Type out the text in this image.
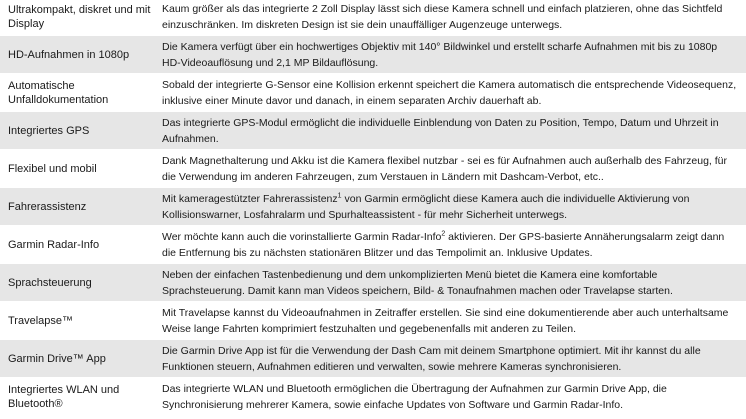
Ultrakompakt, diskret und mit Display
Kaum größer als das integrierte 2 Zoll Display lässt sich diese Kamera schnell und einfach platzieren, ohne das Sichtfeld einzuschränken. Im diskreten Design ist sie dein unauffälliger Augenzeuge unterwegs.
HD-Aufnahmen in 1080p
Die Kamera verfügt über ein hochwertiges Objektiv mit 140° Bildwinkel und erstellt scharfe Aufnahmen mit bis zu 1080p HD-Videoauflösung und 2,1 MP Bildauflösung.
Automatische Unfalldokumentation
Sobald der integrierte G-Sensor eine Kollision erkennt speichert die Kamera automatisch die entsprechende Videosequenz, inklusive einer Minute davor und danach, in einem separaten Archiv dauerhaft ab.
Integriertes GPS
Das integrierte GPS-Modul ermöglicht die individuelle Einblendung von Daten zu Position, Tempo, Datum und Uhrzeit in Aufnahmen.
Flexibel und mobil
Dank Magnethalterung und Akku ist die Kamera flexibel nutzbar - sei es für Aufnahmen auch außerhalb des Fahrzeug, für die Verwendung im anderen Fahrzeugen, zum Verstauen in Ländern mit Dashcam-Verbot, etc..
Fahrerassistenz
Mit kameragestützter Fahrerassistenz$^1$ von Garmin ermöglicht diese Kamera auch die individuelle Aktivierung von Kollisionswarner, Losfahralarm und Spurhalteassistent - für mehr Sicherheit unterwegs.
Garmin Radar-Info
Wer möchte kann auch die vorinstallierte Garmin Radar-Info$^2$ aktivieren. Der GPS-basierte Annäherungsalarm zeigt dann die Entfernung bis zu nächsten stationären Blitzer und das Tempolimit an. Inklusive Updates.
Sprachsteuerung
Neben der einfachen Tastenbedienung und dem unkomplizierten Menü bietet die Kamera eine komfortable Sprachsteuerung. Damit kann man Videos speichern, Bild- & Tonaufnahmen machen oder Travelapse starten.
Travelapse™
Mit Travelapse kannst du Videoaufnahmen in Zeitraffer erstellen. Sie sind eine dokumentierende aber auch unterhaltsame Weise lange Fahrten komprimiert festzuhalten und gegebenenfalls mit anderen zu Teilen.
Garmin Drive™ App
Die Garmin Drive App ist für die Verwendung der Dash Cam mit deinem Smartphone optimiert. Mit ihr kannst du alle Funktionen steuern, Aufnahmen editieren und verwalten, sowie mehrere Kameras synchronisieren.
Integriertes WLAN und Bluetooth®
Das integrierte WLAN und Bluetooth ermöglichen die Übertragung der Aufnahmen zur Garmin Drive App, die Synchronisierung mehrerer Kamera, sowie einfache Updates von Software und Garmin Radar-Info.
